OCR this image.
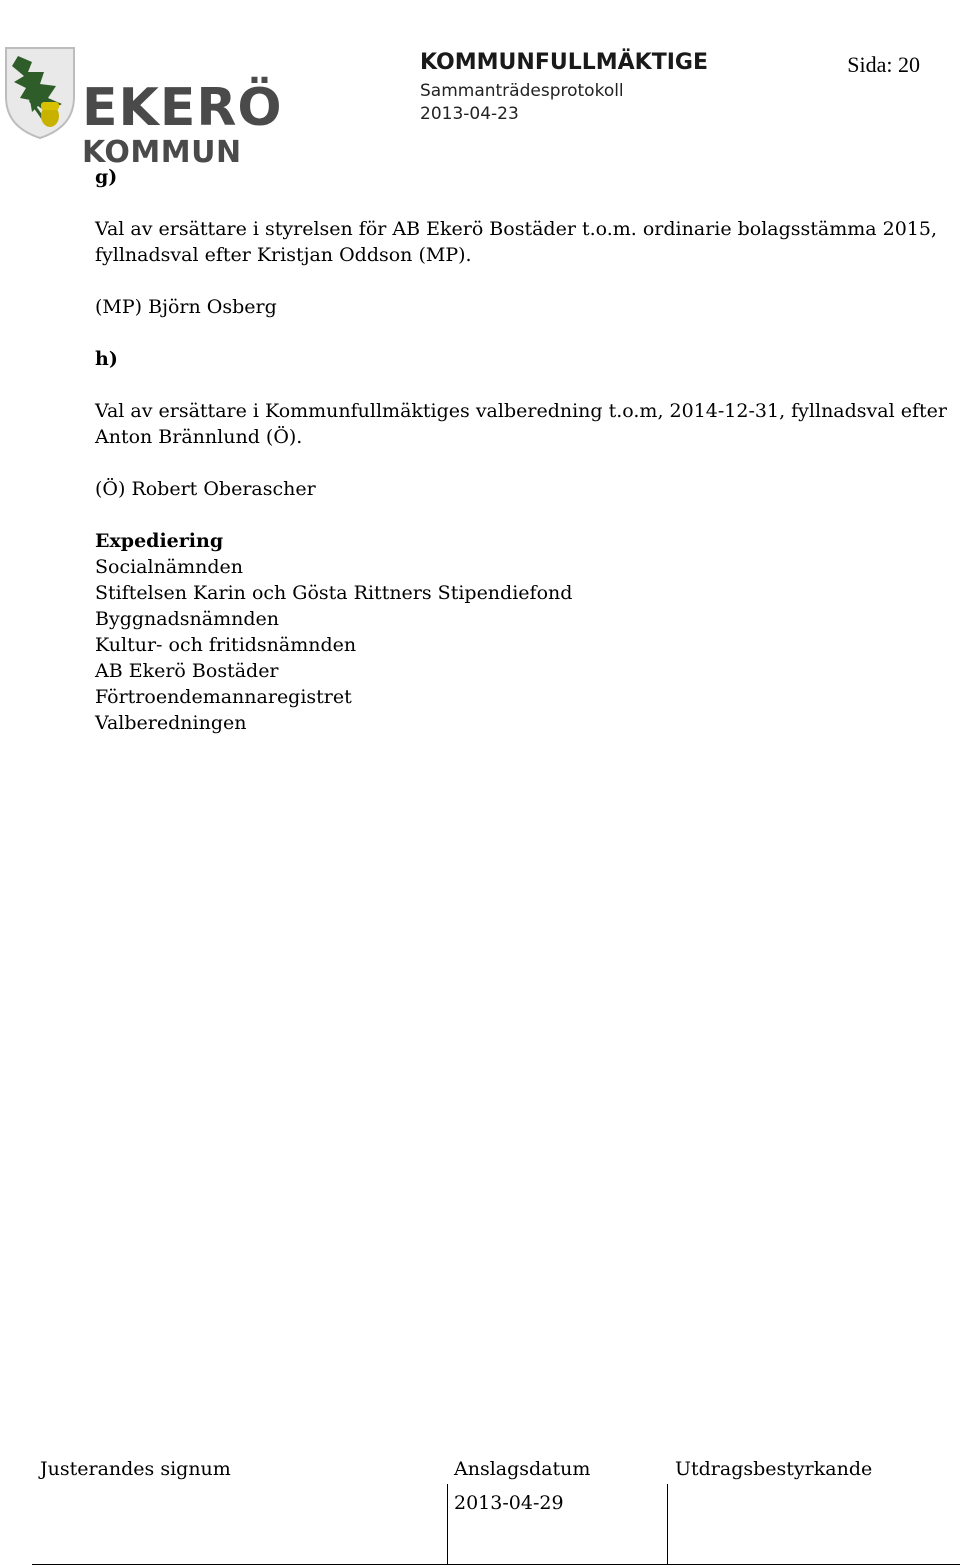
EKERÖ
KOMMUN
KOMMUNFULLMÄKTIGE
Sammanträdesprotokoll
2013-04-23
Sida: 20

g)

Val av ersättare i styrelsen för AB Ekerö Bostäder t.o.m. ordinarie bolagsstämma 2015, fyllnadsval efter Kristjan Oddson (MP).

(MP) Björn Osberg

h)

Val av ersättare i Kommunfullmäktiges valberedning t.o.m, 2014-12-31, fyllnadsval efter Anton Brännlund (Ö).

(Ö) Robert Oberascher

Expediering

Socialnämnden

Stiftelsen Karin och Gösta Rittners Stipendiefond

Byggnadsnämnden

Kultur- och fritidsnämnden

AB Ekerö Bostäder

Förtroendemannaregistret

Valberedningen

Justerandes signum	Anslagsdatum	Utdragsbestyrkande
2013-04-29
